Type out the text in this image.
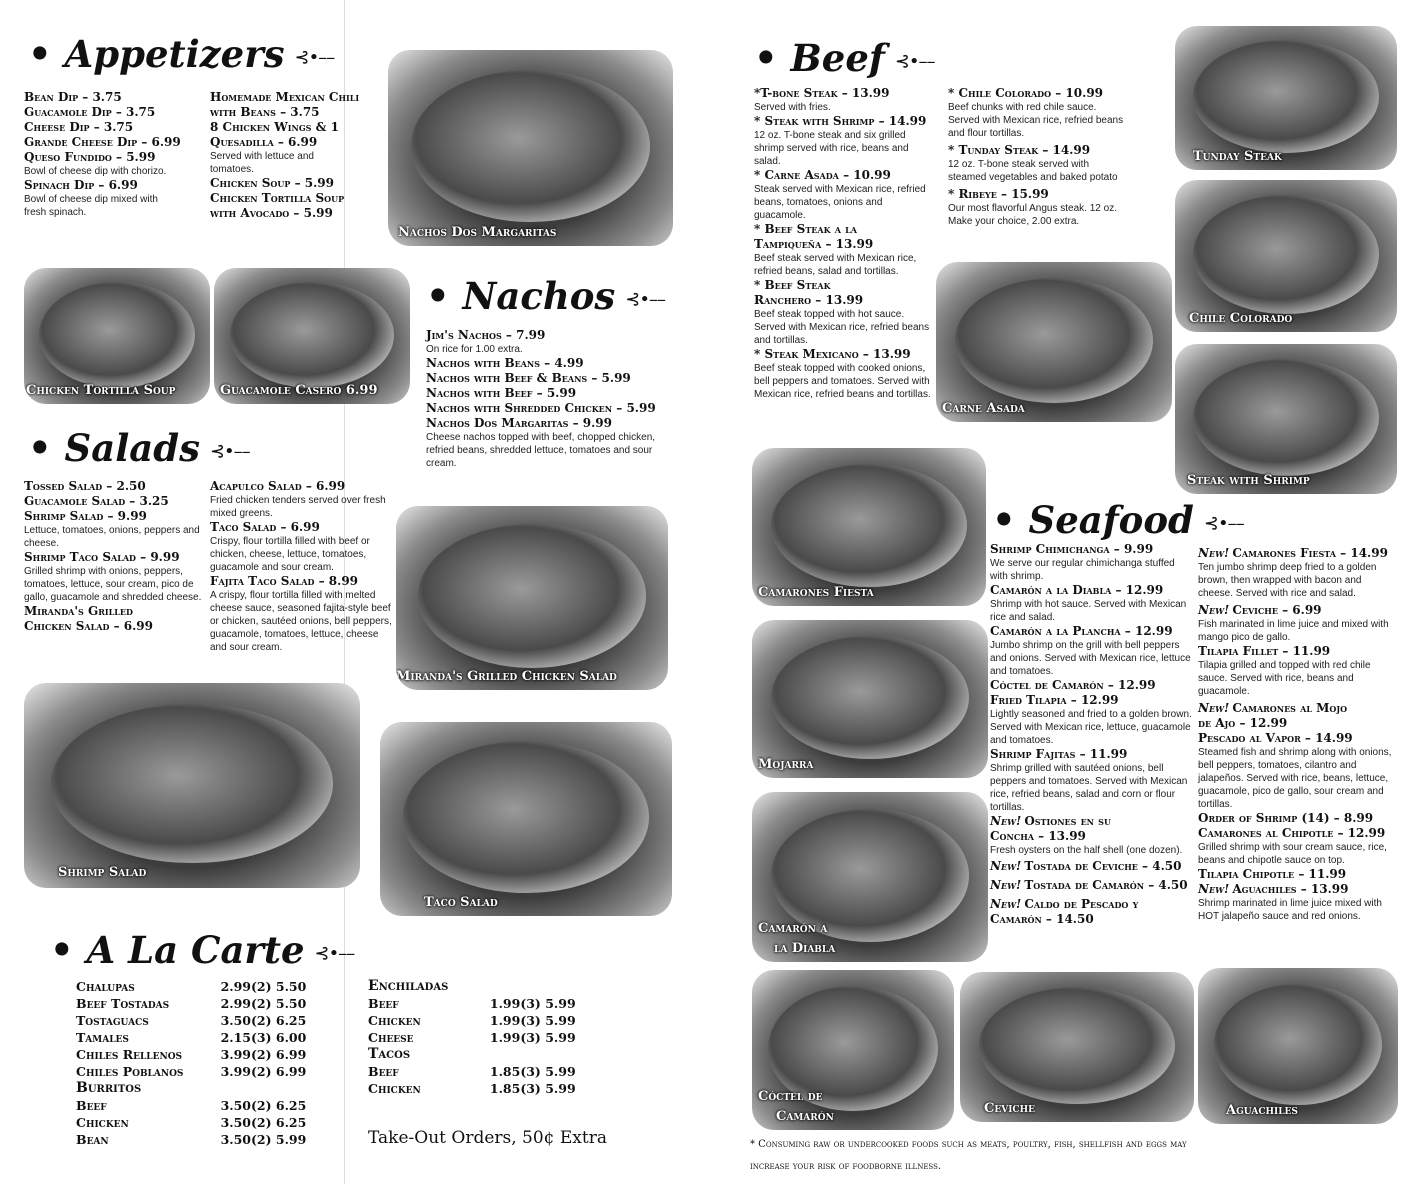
• Appetizers ⊰•––
Bean Dip – 3.75
Guacamole Dip – 3.75
Cheese Dip – 3.75
Grande Cheese Dip – 6.99
Queso Fundido – 5.99
Bowl of cheese dip with chorizo.
Spinach Dip – 6.99
Bowl of cheese dip mixed with fresh spinach.
Homemade Mexican Chili with Beans – 3.75
8 Chicken Wings & 1 Quesadilla – 6.99
Served with lettuce and tomatoes.
Chicken Soup – 5.99
Chicken Tortilla Soup with Avocado – 5.99
Nachos Dos Margaritas
Chicken Tortilla Soup	Guacamole Casero 6.99
• Nachos ⊰•––
Jim's Nachos – 7.99
On rice for 1.00 extra.
Nachos with Beans – 4.99
Nachos with Beef & Beans – 5.99
Nachos with Beef – 5.99
Nachos with Shredded Chicken – 5.99
Nachos Dos Margaritas – 9.99
Cheese nachos topped with beef, chopped chicken, refried beans, shredded lettuce, tomatoes and sour cream.
• Salads ⊰•––
Tossed Salad – 2.50
Guacamole Salad – 3.25
Shrimp Salad – 9.99
Lettuce, tomatoes, onions, peppers and cheese.
Shrimp Taco Salad – 9.99
Grilled shrimp with onions, peppers, tomatoes, lettuce, sour cream, pico de gallo, guacamole and shredded cheese.
Miranda's Grilled Chicken Salad – 6.99
Acapulco Salad – 6.99
Fried chicken tenders served over fresh mixed greens.
Taco Salad – 6.99
Crispy, flour tortilla filled with beef or chicken, cheese, lettuce, tomatoes, guacamole and sour cream.
Fajita Taco Salad – 8.99
A crispy, flour tortilla filled with melted cheese sauce, seasoned fajita-style beef or chicken, sautéed onions, bell peppers, guacamole, tomatoes, lettuce, cheese and sour cream.
Miranda's Grilled Chicken Salad
Shrimp Salad
Taco Salad
• A La Carte ⊰•––
Chalupas	2.99(2) 5.50
Beef Tostadas	2.99(2) 5.50
Tostaguacs	3.50(2) 6.25
Tamales	2.15(3) 6.00
Chiles Rellenos	3.99(2) 6.99
Chiles Poblanos	3.99(2) 6.99
Burritos	
Beef	3.50(2) 6.25
Chicken	3.50(2) 6.25
Bean	3.50(2) 5.99
Enchiladas	
Beef	1.99(3) 5.99
Chicken	1.99(3) 5.99
Cheese	1.99(3) 5.99
Tacos	
Beef	1.85(3) 5.99
Chicken	1.85(3) 5.99
Take-Out Orders, 50¢ Extra
• Beef ⊰•––
*T-bone Steak – 13.99
Served with fries.
* Steak with Shrimp – 14.99
12 oz. T-bone steak and six grilled shrimp served with rice, beans and salad.
* Carne Asada – 10.99
Steak served with Mexican rice, refried beans, tomatoes, onions and guacamole.
* Beef Steak a la Tampiqueña – 13.99
Beef steak served with Mexican rice, refried beans, salad and tortillas.
* Beef Steak Ranchero – 13.99
Beef steak topped with hot sauce. Served with Mexican rice, refried beans and tortillas.
* Steak Mexicano – 13.99
Beef steak topped with cooked onions, bell peppers and tomatoes. Served with Mexican rice, refried beans and tortillas.
* Chile Colorado – 10.99
Beef chunks with red chile sauce. Served with Mexican rice, refried beans and flour tortillas.
* Tunday Steak – 14.99
12 oz. T-bone steak served with steamed vegetables and baked potato
* Ribeye – 15.99
Our most flavorful Angus steak. 12 oz. Make your choice, 2.00 extra.
Tunday Steak
Chile Colorado
Carne Asada
Steak with Shrimp
Camarones Fiesta
Mojarra
Camarón a
la Diabla
• Seafood ⊰•––
Shrimp Chimichanga – 9.99
We serve our regular chimichanga stuffed with shrimp.
Camarón a la Diabla – 12.99
Shrimp with hot sauce. Served with Mexican rice and salad.
Camarón a la Plancha – 12.99
Jumbo shrimp on the grill with bell peppers and onions. Served with Mexican rice, lettuce and tomatoes.
Cóctel de Camarón – 12.99
Fried Tilapia – 12.99
Lightly seasoned and fried to a golden brown. Served with Mexican rice, lettuce, guacamole and tomatoes.
Shrimp Fajitas – 11.99
Shrimp grilled with sautéed onions, bell peppers and tomatoes. Served with Mexican rice, refried beans, salad and corn or flour tortillas.
New! Ostiones en su Concha – 13.99
Fresh oysters on the half shell (one dozen).
New! Tostada de Ceviche – 4.50
New! Tostada de Camarón – 4.50
New! Caldo de Pescado y Camarón – 14.50
New! Camarones Fiesta – 14.99
Ten jumbo shrimp deep fried to a golden brown, then wrapped with bacon and cheese. Served with rice and salad.
New! Ceviche – 6.99
Fish marinated in lime juice and mixed with mango pico de gallo.
Tilapia Fillet – 11.99
Tilapia grilled and topped with red chile sauce. Served with rice, beans and guacamole.
New! Camarones al Mojo de Ajo – 12.99
Pescado al Vapor – 14.99
Steamed fish and shrimp along with onions, bell peppers, tomatoes, cilantro and jalapeños. Served with rice, beans, lettuce, guacamole, pico de gallo, sour cream and tortillas.
Order of Shrimp (14) – 8.99
Camarones al Chipotle – 12.99
Grilled shrimp with sour cream sauce, rice, beans and chipotle sauce on top.
Tilapia Chipotle – 11.99
New! Aguachiles – 13.99
Shrimp marinated in lime juice mixed with HOT jalapeño sauce and red onions.
Cóctel de
Camarón
Ceviche	Aguachiles
* Consuming raw or undercooked foods such as meats, poultry, fish, shellfish and eggs may increase your risk of foodborne illness.
